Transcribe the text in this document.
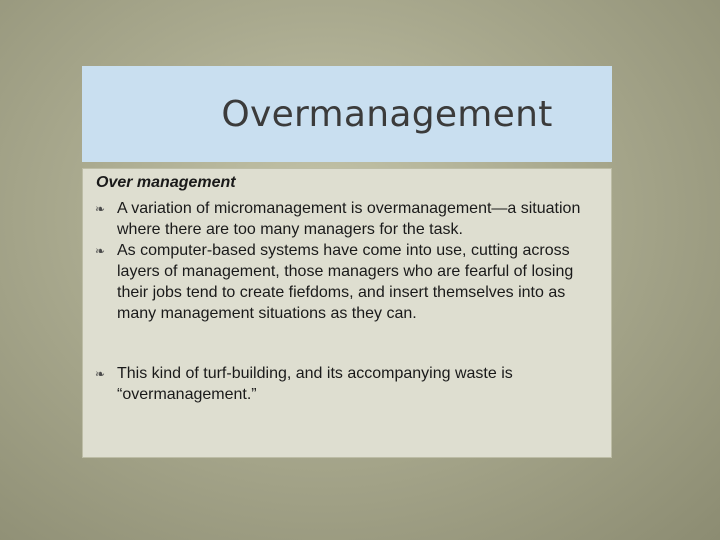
Overmanagement
Over management
❧ A variation of micromanagement is overmanagement—a situation where there are too many managers for the task.
❧ As computer-based systems have come into use, cutting across layers of management, those managers who are fearful of losing their jobs tend to create fiefdoms, and insert themselves into as many management situations as they can.
❧ This kind of turf-building, and its accompanying waste is “overmanagement.”
